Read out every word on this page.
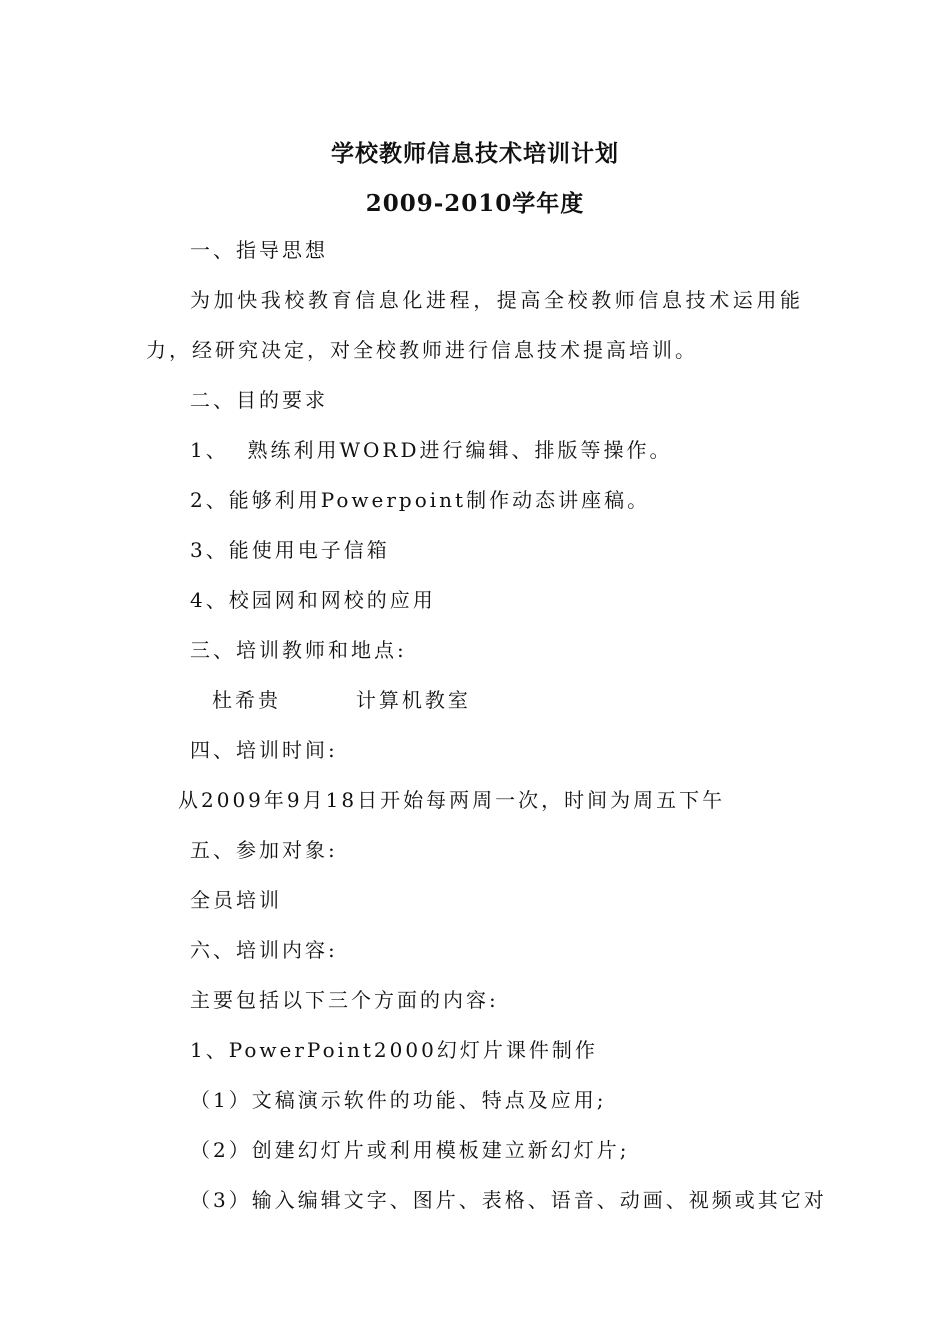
学校教师信息技术培训计划
2009-2010学年度
一、指导思想
为加快我校教育信息化进程，提高全校教师信息技术运用能
力，经研究决定，对全校教师进行信息技术提高培训。
二、目的要求
1、  熟练利用WORD进行编辑、排版等操作。
2、能够利用Powerpoint制作动态讲座稿。
3、能使用电子信箱
4、校园网和网校的应用
三、培训教师和地点:
杜希贵        计算机教室
四、培训时间:
从2009年9月18日开始每两周一次，时间为周五下午
五、参加对象:
全员培训
六、培训内容:
主要包括以下三个方面的内容:
1、PowerPoint2000幻灯片课件制作
（1）文稿演示软件的功能、特点及应用;
（2）创建幻灯片或利用模板建立新幻灯片;
（3）输入编辑文字、图片、表格、语音、动画、视频或其它对
